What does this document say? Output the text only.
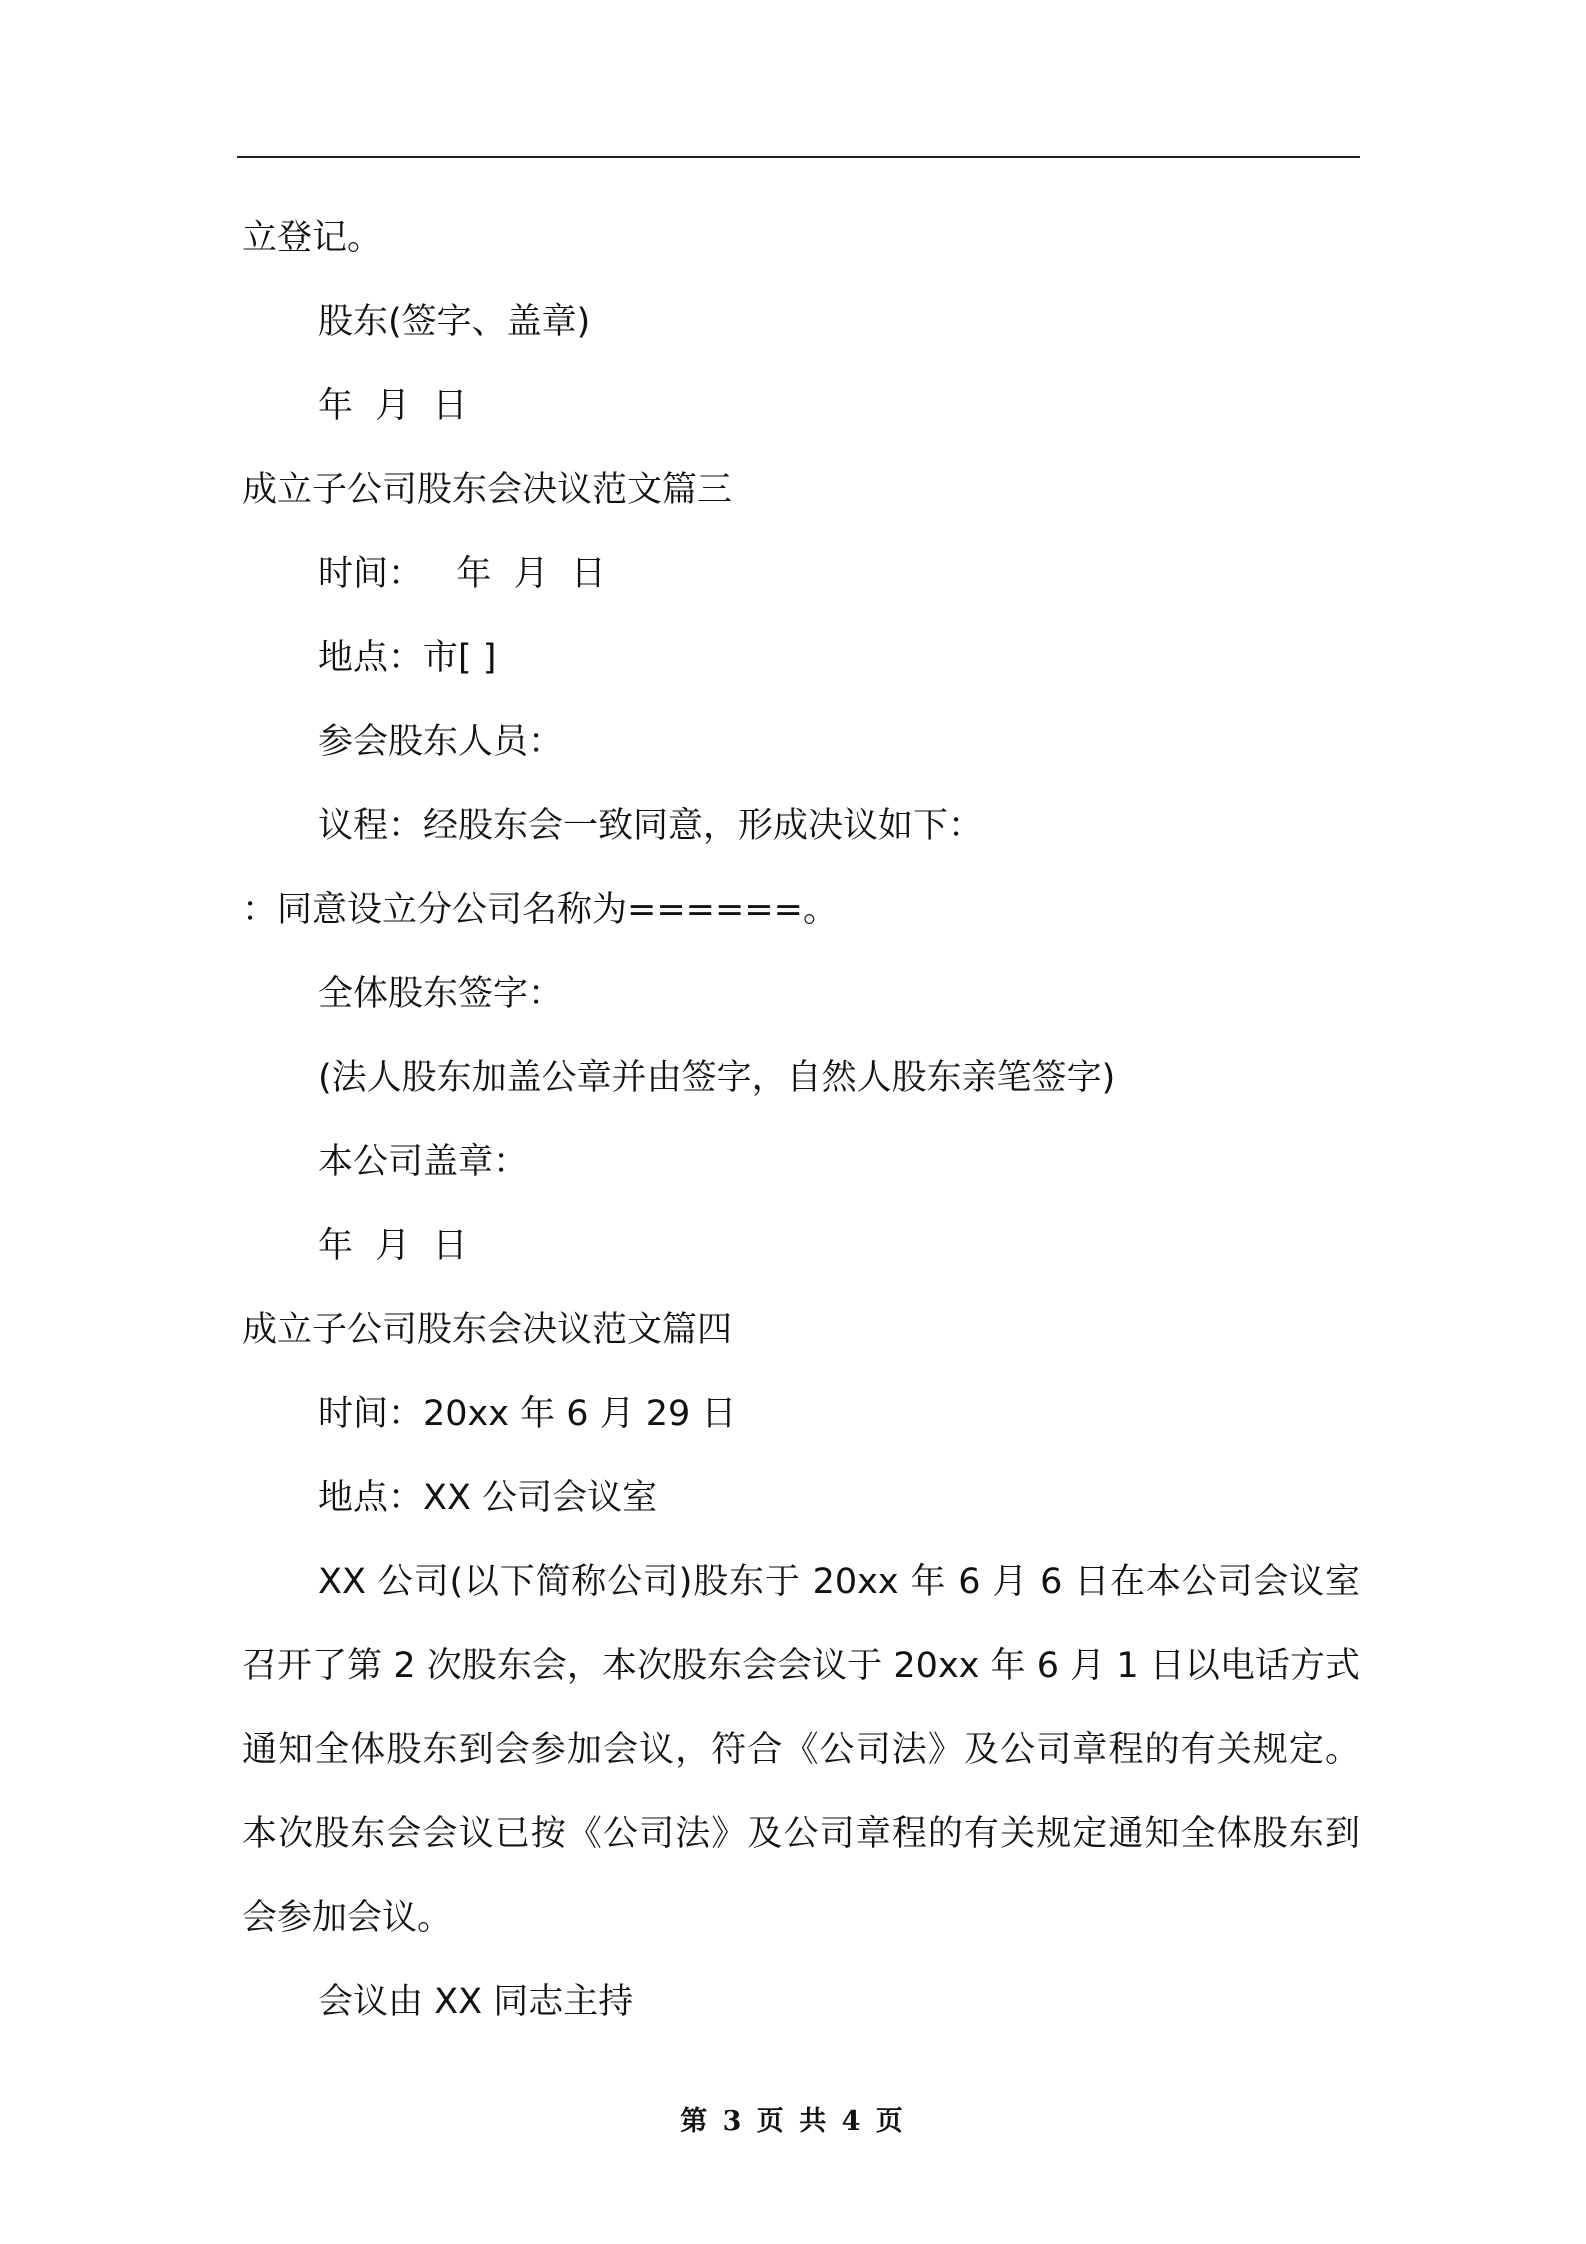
立登记。

股东(签字、盖章)

年  月  日

成立子公司股东会决议范文篇三

时间：   年  月  日

地点：市[ ]

参会股东人员：

议程：经股东会一致同意，形成决议如下：

：同意设立分公司名称为======。

全体股东签字：

(法人股东加盖公章并由签字，自然人股东亲笔签字)

本公司盖章：

年  月  日

成立子公司股东会决议范文篇四

时间：20xx 年 6 月 29 日

地点：XX 公司会议室

XX 公司(以下简称公司)股东于 20xx 年 6 月 6 日在本公司会议室召开了第 2 次股东会，本次股东会会议于 20xx 年 6 月 1 日以电话方式通知全体股东到会参加会议，符合《公司法》及公司章程的有关规定。本次股东会会议已按《公司法》及公司章程的有关规定通知全体股东到会参加会议。

会议由 XX 同志主持

第 3 页 共 4 页
